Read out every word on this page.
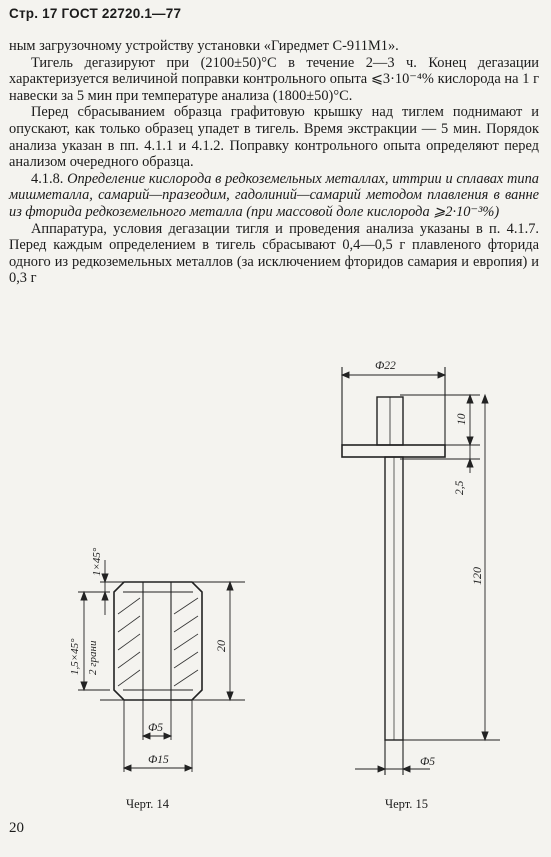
Стр. 17 ГОСТ 22720.1—77

ным загрузочному устройству установки «Гиредмет С-911М1».

Тигель дегазируют при (2100±50)°С в течение 2—3 ч. Конец дегазации характеризуется величиной поправки контрольного опыта ⩽3·10⁻⁴% кислорода на 1 г навески за 5 мин при температуре анализа (1800±50)°С.

Перед сбрасыванием образца графитовую крышку над тиглем поднимают и опускают, как только образец упадет в тигель. Время экстракции — 5 мин. Порядок анализа указан в пп. 4.1.1 и 4.1.2. Поправку контрольного опыта определяют перед анализом очередного образца.

4.1.8. Определение кислорода в редкоземельных металлах, иттрии и сплавах типа мишметалла, самарий—празеодим, гадолиний—самарий методом плавления в ванне из фторида редкоземельного металла (при массовой доле кислорода ⩾2·10⁻³%)

Аппаратура, условия дегазации тигля и проведения анализа указаны в п. 4.1.7. Перед каждым определением в тигель сбрасывают 0,4—0,5 г плавленого фторида одного из редкоземельных металлов (за исключением фторидов самария и европия) и 0,3 г

1×45°
1,5×45° 2 грани	20
Ф5
Ф15
Ф22
10
2,5
120
Ф5
Черт. 14	Черт. 15
20
